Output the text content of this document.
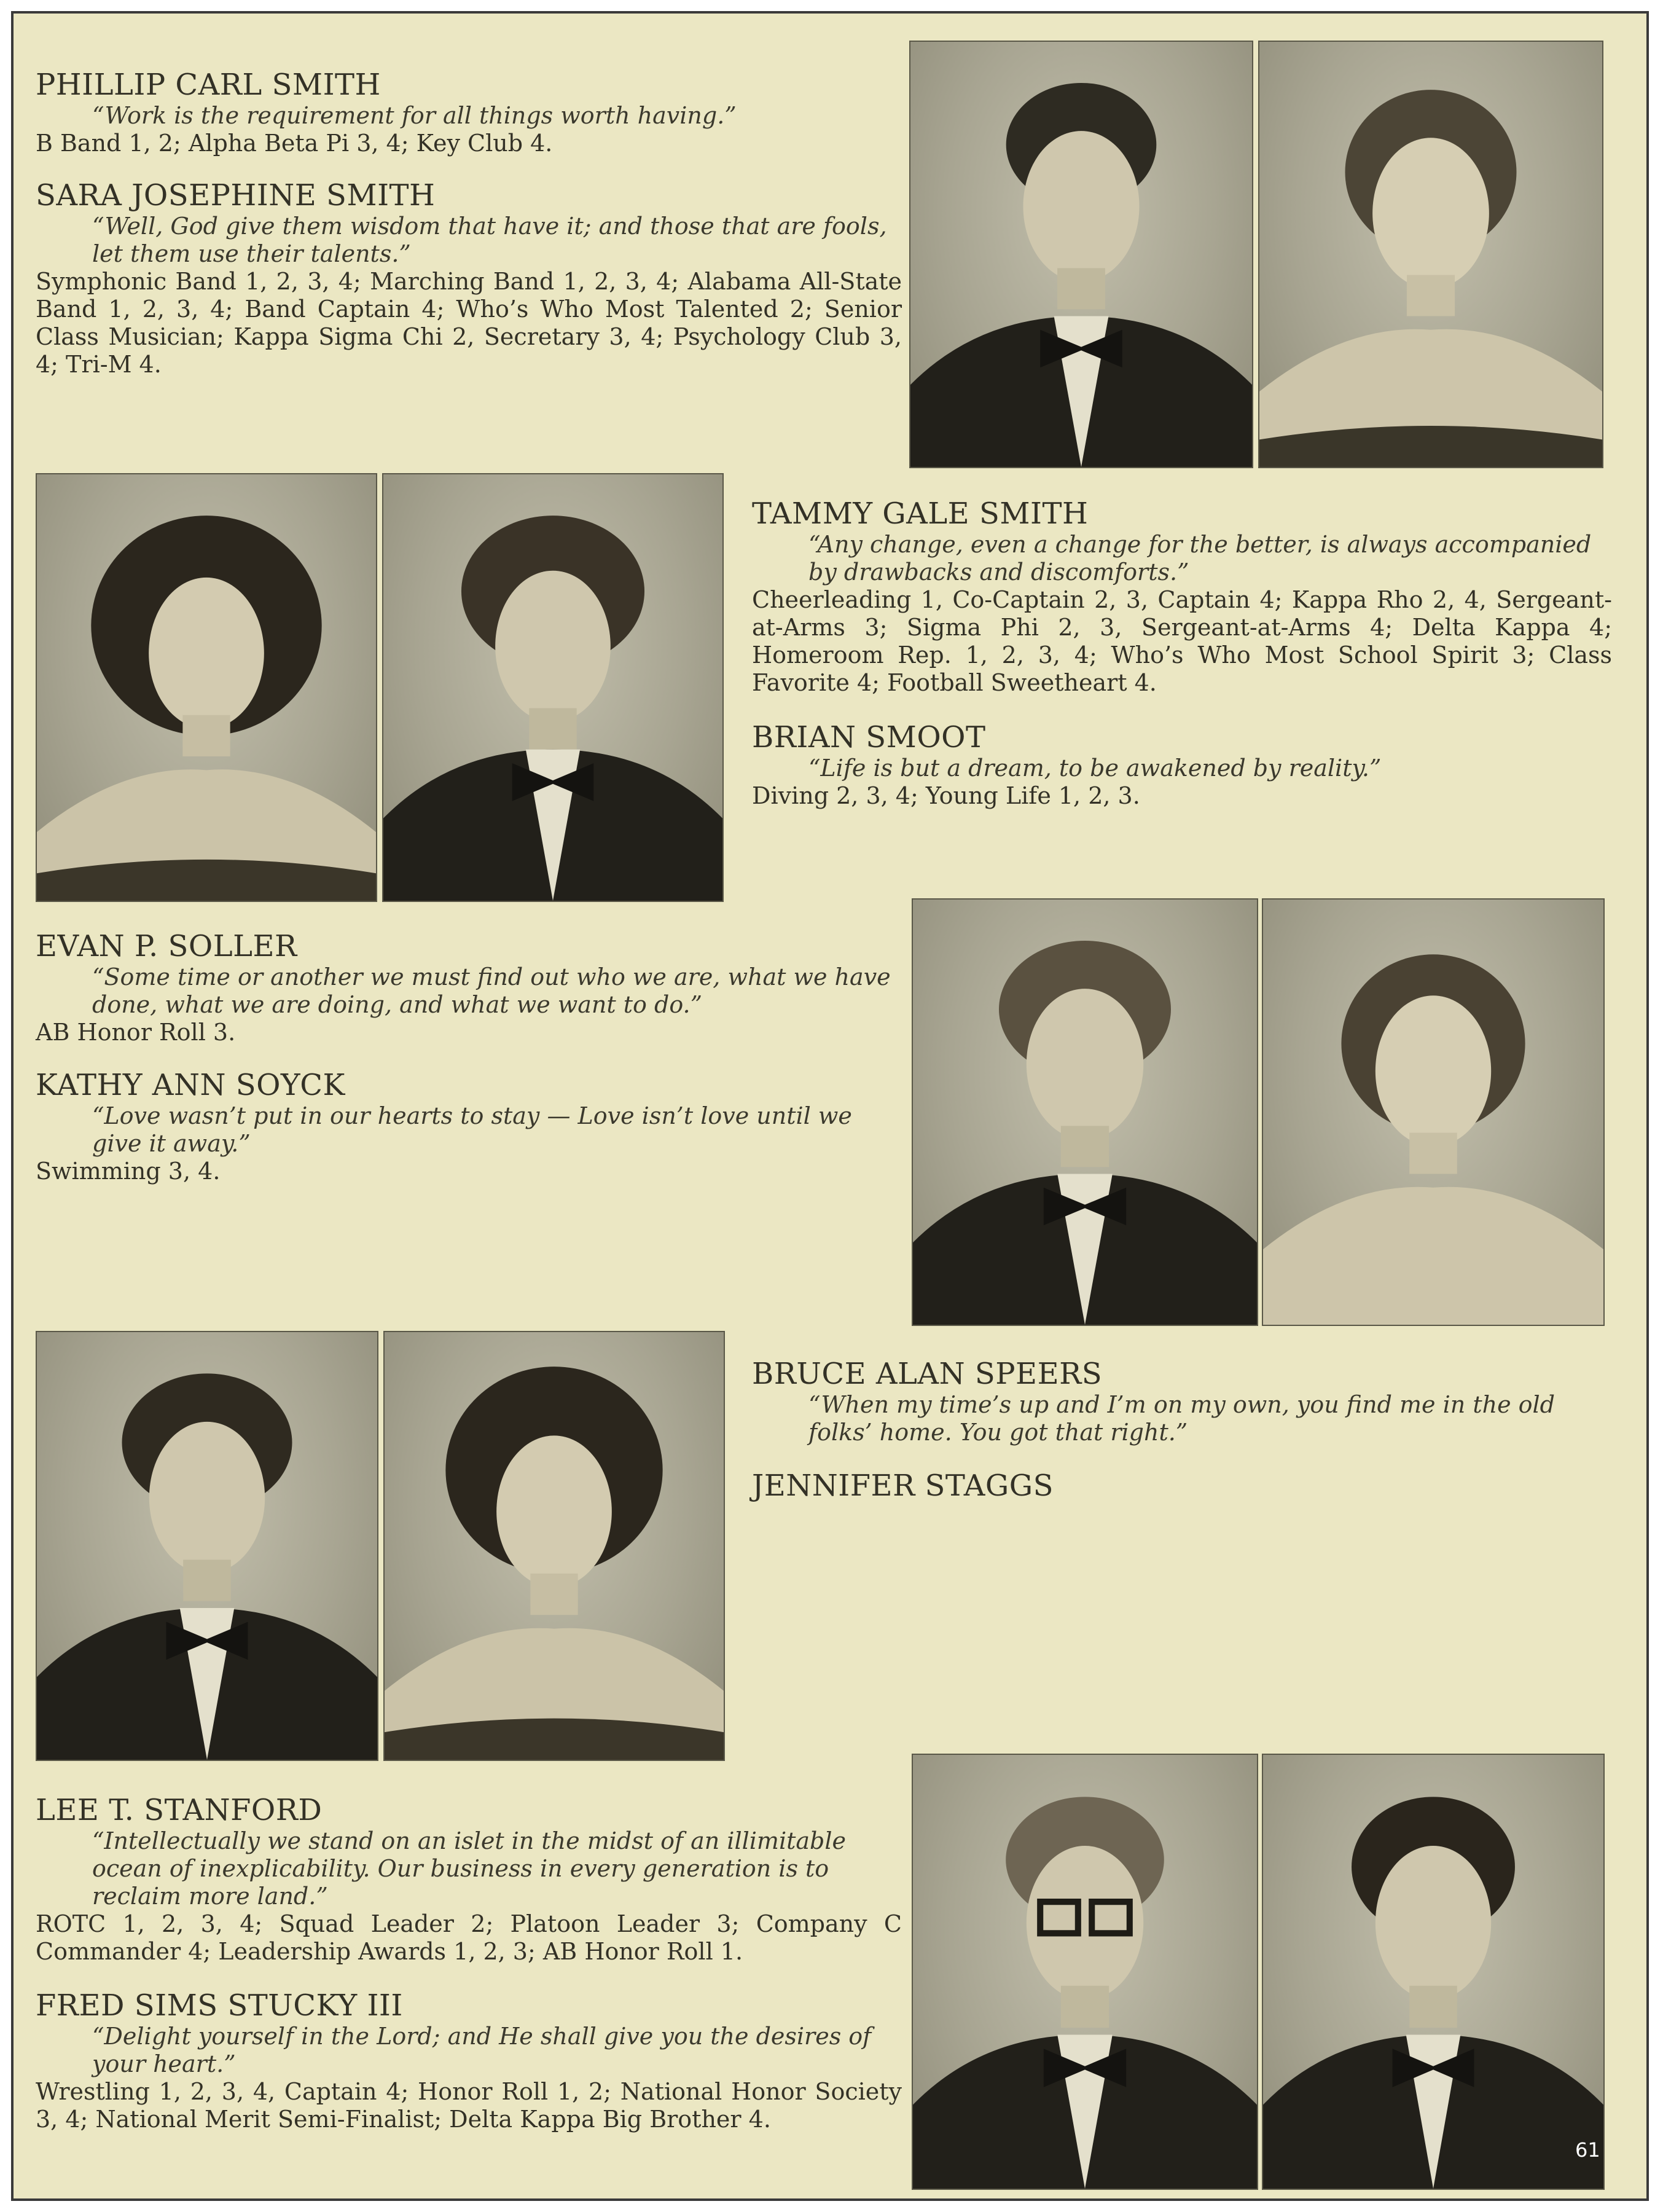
PHILLIP CARL SMITH

“Work is the requirement for all things worth having.”

B Band 1, 2; Alpha Beta Pi 3, 4; Key Club 4.

SARA JOSEPHINE SMITH

“Well, God give them wisdom that have it; and those that are fools, let them use their talents.”

Symphonic Band 1, 2, 3, 4; Marching Band 1, 2, 3, 4; Alabama All-State Band 1, 2, 3, 4; Band Captain 4; Who’s Who Most Talented 2; Senior Class Musician; Kappa Sigma Chi 2, Secretary 3, 4; Psychology Club 3, 4; Tri-M 4.

TAMMY GALE SMITH

“Any change, even a change for the better, is always accompanied by drawbacks and discomforts.”

Cheerleading 1, Co-Captain 2, 3, Captain 4; Kappa Rho 2, 4, Sergeant-at-Arms 3; Sigma Phi 2, 3, Sergeant-at-Arms 4; Delta Kappa 4; Homeroom Rep. 1, 2, 3, 4; Who’s Who Most School Spirit 3; Class Favorite 4; Football Sweetheart 4.

BRIAN SMOOT

“Life is but a dream, to be awakened by reality.”

Diving 2, 3, 4; Young Life 1, 2, 3.

EVAN P. SOLLER

“Some time or another we must find out who we are, what we have done, what we are doing, and what we want to do.”

AB Honor Roll 3.

KATHY ANN SOYCK

“Love wasn’t put in our hearts to stay — Love isn’t love until we give it away.”

Swimming 3, 4.

BRUCE ALAN SPEERS

“When my time’s up and I’m on my own, you find me in the old folks’ home. You got that right.”

JENNIFER STAGGS

LEE T. STANFORD

“Intellectually we stand on an islet in the midst of an illimitable ocean of inexplicability. Our business in every generation is to reclaim more land.”

ROTC 1, 2, 3, 4; Squad Leader 2; Platoon Leader 3; Company C Commander 4; Leadership Awards 1, 2, 3; AB Honor Roll 1.

FRED SIMS STUCKY III

“Delight yourself in the Lord; and He shall give you the desires of your heart.”

Wrestling 1, 2, 3, 4, Captain 4; Honor Roll 1, 2; National Honor Society 3, 4; National Merit Semi-Finalist; Delta Kappa Big Brother 4.

61
